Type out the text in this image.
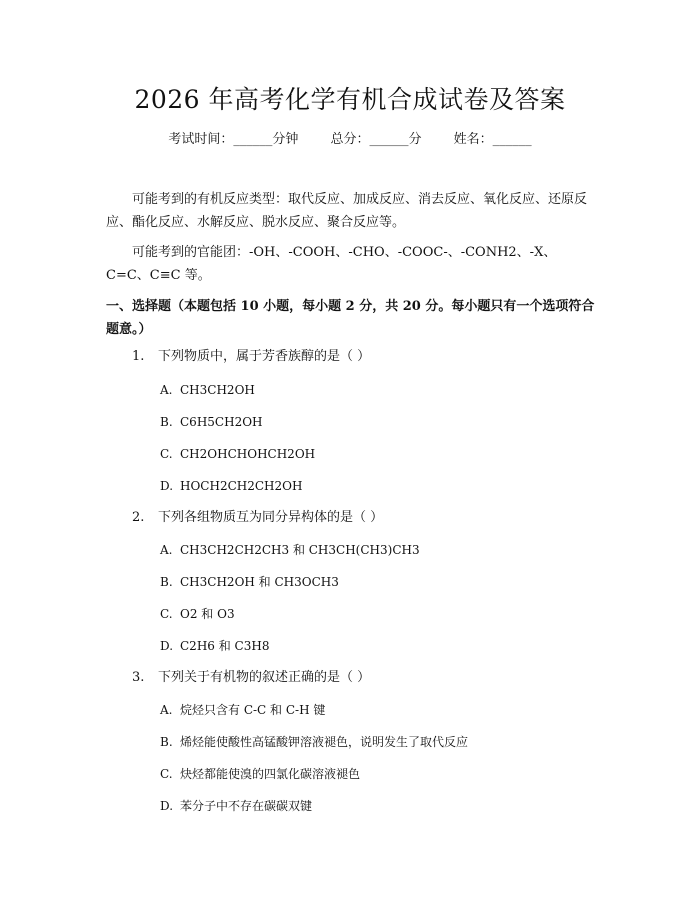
2026 年高考化学有机合成试卷及答案
考试时间：______分钟 总分：______分 姓名：______

可能考到的有机反应类型：取代反应、加成反应、消去反应、氧化反应、还原反应、酯化反应、水解反应、脱水反应、聚合反应等。

可能考到的官能团：-OH、-COOH、-CHO、-COOC-、-CONH2、-X、C=C、C≡C 等。

一、选择题（本题包括 10 小题，每小题 2 分，共 20 分。每小题只有一个选项符合题意。）

1. 下列物质中，属于芳香族醇的是（ ）
A. CH3CH2OH
B. C6H5CH2OH
C. CH2OHCHOHCH2OH
D. HOCH2CH2CH2OH
2. 下列各组物质互为同分异构体的是（ ）
A. CH3CH2CH2CH3 和 CH3CH(CH3)CH3
B. CH3CH2OH 和 CH3OCH3
C. O2 和 O3
D. C2H6 和 C3H8
3. 下列关于有机物的叙述正确的是（ ）
A. 烷烃只含有 C-C 和 C-H 键
B. 烯烃能使酸性高锰酸钾溶液褪色，说明发生了取代反应
C. 炔烃都能使溴的四氯化碳溶液褪色
D. 苯分子中不存在碳碳双键
